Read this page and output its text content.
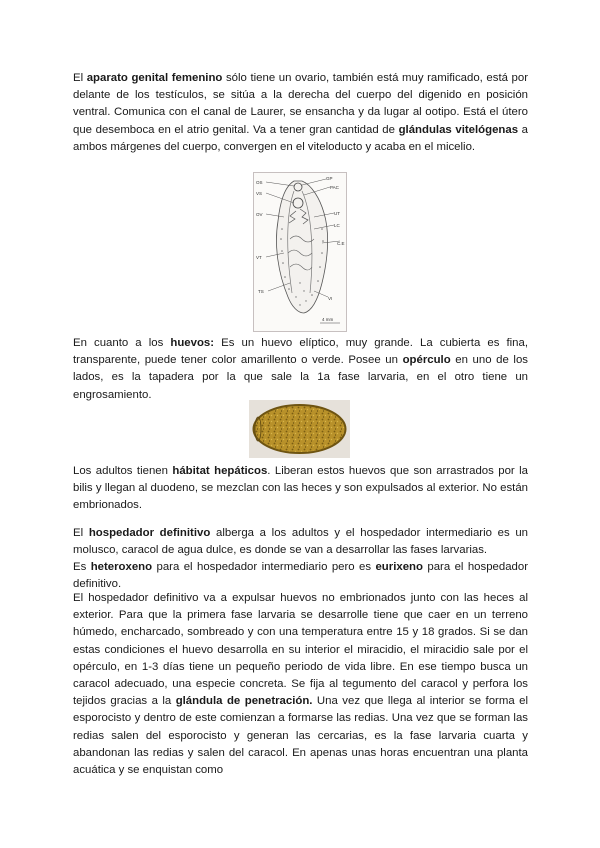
El aparato genital femenino sólo tiene un ovario, también está muy ramificado, está por delante de los testículos, se sitúa a la derecha del cuerpo del digenido en posición ventral. Comunica con el canal de Laurer, se ensancha y da lugar al ootipo. Está el útero que desemboca en el atrio genital. Va a tener gran cantidad de glándulas vitelógenas a ambos márgenes del cuerpo, convergen en el viteloducto y acaba en el micelio.

OS
VS
GP
PAC
OV	UT
LC
C.E
VT
TS
VI
4 mm

En cuanto a los huevos: Es un huevo elíptico, muy grande. La cubierta es fina, transparente, puede tener color amarillento o verde. Posee un opérculo en uno de los lados, es la tapadera por la que sale la 1a fase larvaria, en el otro tiene un engrosamiento.

Los adultos tienen hábitat hepáticos. Liberan estos huevos que son arrastrados por la bilis y llegan al duodeno, se mezclan con las heces y son expulsados al exterior. No están embrionados.

El hospedador definitivo alberga a los adultos y el hospedador intermediario es un molusco, caracol de agua dulce, es donde se van a desarrollar las fases larvarias.

Es heteroxeno para el hospedador intermediario pero es eurixeno para el hospedador definitivo.

El hospedador definitivo va a expulsar huevos no embrionados junto con las heces al exterior. Para que la primera fase larvaria se desarrolle tiene que caer en un terreno húmedo, encharcado, sombreado y con una temperatura entre 15 y 18 grados. Si se dan estas condiciones el huevo desarrolla en su interior el miracidio, el miracidio sale por el opérculo, en 1-3 días tiene un pequeño periodo de vida libre. En ese tiempo busca un caracol adecuado, una especie concreta. Se fija al tegumento del caracol y perfora los tejidos gracias a la glándula de penetración. Una vez que llega al interior se forma el esporocisto y dentro de este comienzan a formarse las redias. Una vez que se forman las redias salen del esporocisto y generan las cercarias, es la fase larvaria cuarta y abandonan las redias y salen del caracol. En apenas unas horas encuentran una planta acuática y se enquistan como
